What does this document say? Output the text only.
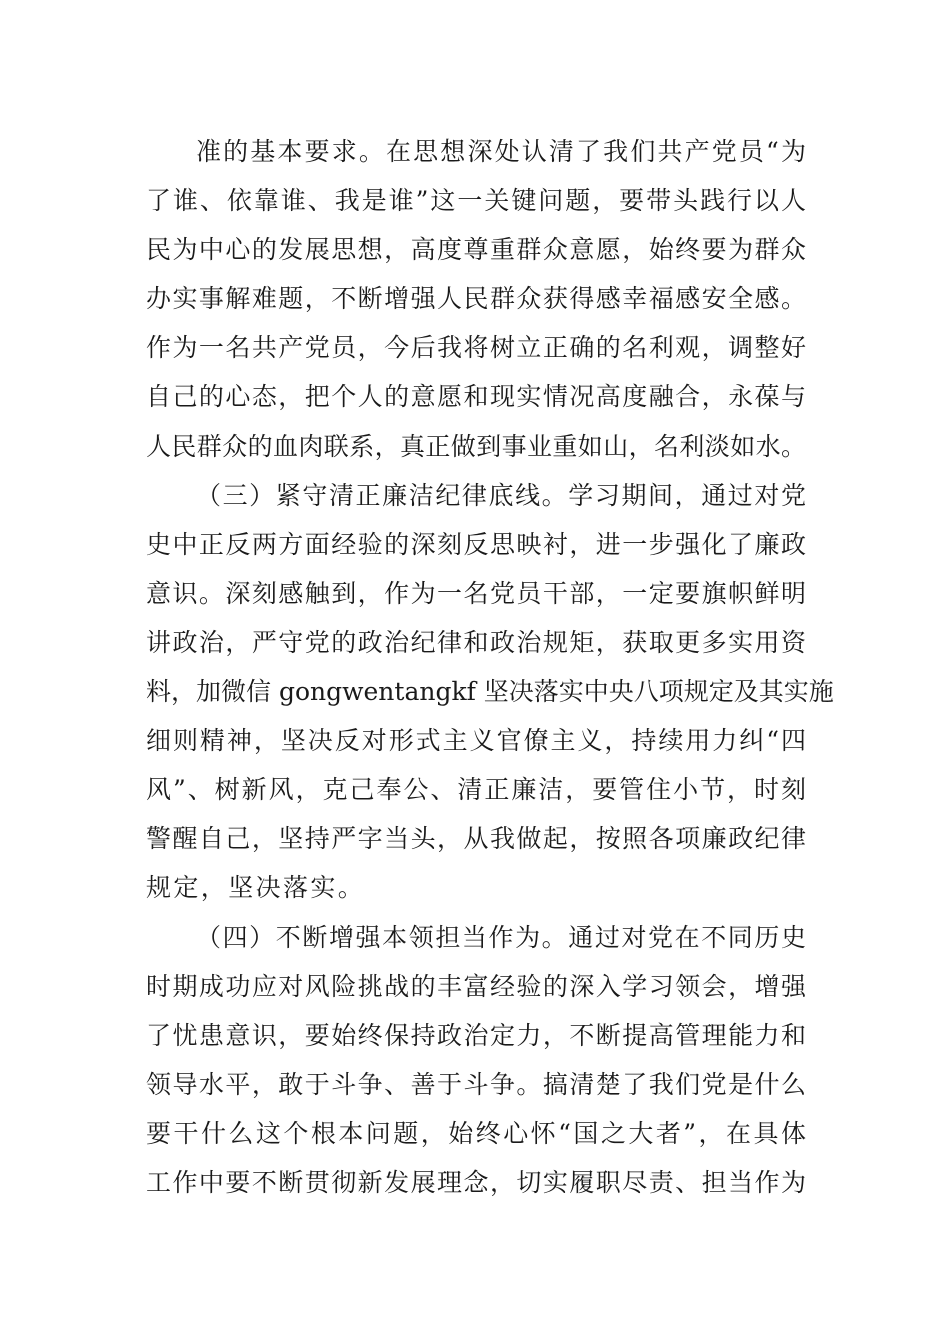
准的基本要求。在思想深处认清了我们共产党员“为
了谁、依靠谁、我是谁”这一关键问题，要带头践行以人
民为中心的发展思想，高度尊重群众意愿，始终要为群众
办实事解难题，不断增强人民群众获得感幸福感安全感。
作为一名共产党员，今后我将树立正确的名利观，调整好
自己的心态，把个人的意愿和现实情况高度融合，永葆与
人民群众的血肉联系，真正做到事业重如山，名利淡如水。
（三）紧守清正廉洁纪律底线。学习期间，通过对党
史中正反两方面经验的深刻反思映衬，进一步强化了廉政
意识。深刻感触到，作为一名党员干部，一定要旗帜鲜明
讲政治，严守党的政治纪律和政治规矩，获取更多实用资
料，加微信 gongwentangkf 坚决落实中央八项规定及其实施
细则精神，坚决反对形式主义官僚主义，持续用力纠“四
风”、树新风，克己奉公、清正廉洁，要管住小节，时刻
警醒自己，坚持严字当头，从我做起，按照各项廉政纪律
规定，坚决落实。
（四）不断增强本领担当作为。通过对党在不同历史
时期成功应对风险挑战的丰富经验的深入学习领会，增强
了忧患意识，要始终保持政治定力，不断提高管理能力和
领导水平，敢于斗争、善于斗争。搞清楚了我们党是什么
要干什么这个根本问题，始终心怀“国之大者”，在具体
工作中要不断贯彻新发展理念，切实履职尽责、担当作为
